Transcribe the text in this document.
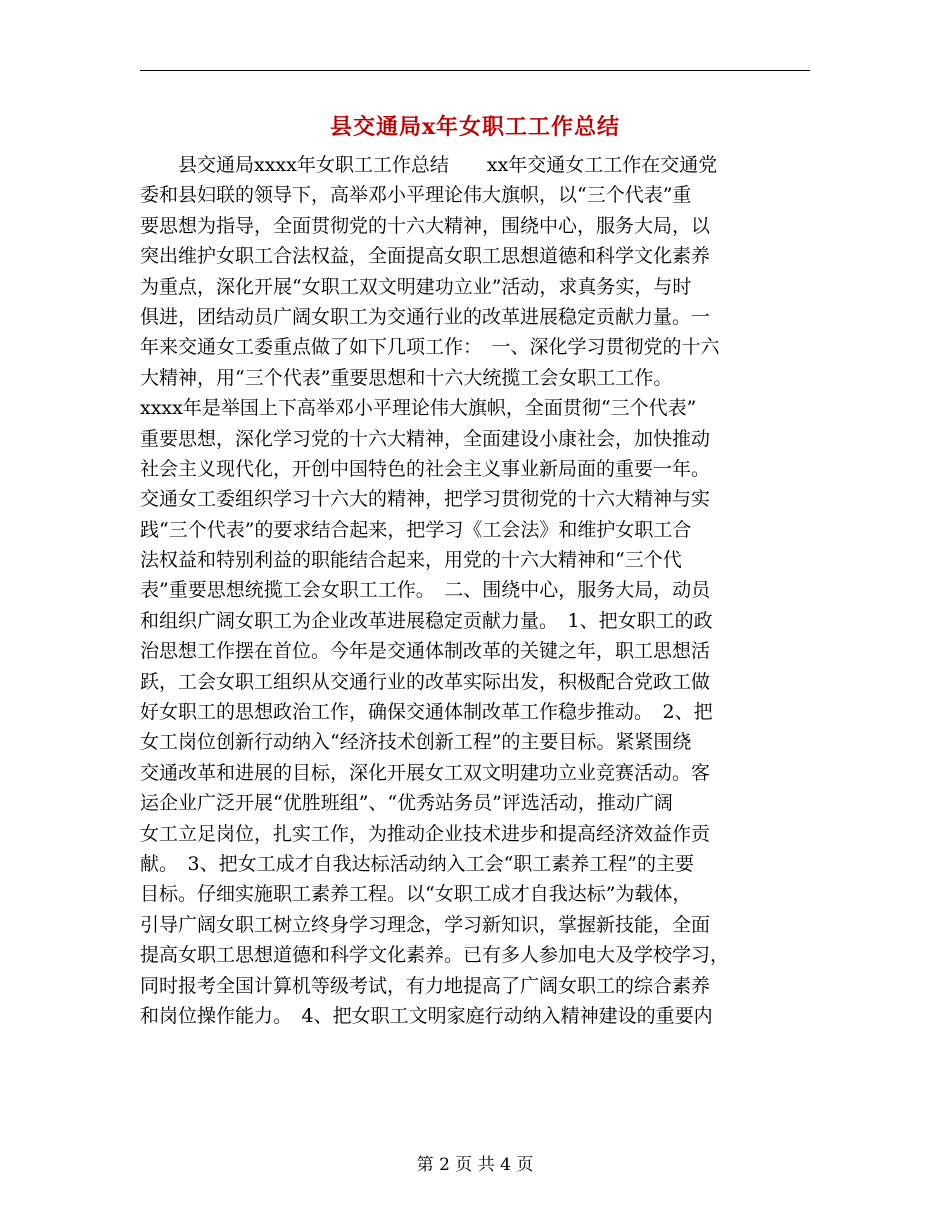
县交通局x年女职工工作总结
　　县交通局xxxx年女职工工作总结　　xx年交通女工工作在交通党
委和县妇联的领导下，高举邓小平理论伟大旗帜，以“三个代表”重
要思想为指导，全面贯彻党的十六大精神，围绕中心，服务大局，以
突出维护女职工合法权益，全面提高女职工思想道德和科学文化素养
为重点，深化开展“女职工双文明建功立业”活动，求真务实，与时
俱进，团结动员广阔女职工为交通行业的改革进展稳定贡献力量。一
年来交通女工委重点做了如下几项工作：　一、深化学习贯彻党的十六
大精神，用“三个代表”重要思想和十六大统揽工会女职工工作。
xxxx年是举国上下高举邓小平理论伟大旗帜，全面贯彻“三个代表”
重要思想，深化学习党的十六大精神，全面建设小康社会，加快推动
社会主义现代化，开创中国特色的社会主义事业新局面的重要一年。
交通女工委组织学习十六大的精神，把学习贯彻党的十六大精神与实
践“三个代表”的要求结合起来，把学习《工会法》和维护女职工合
法权益和特别利益的职能结合起来，用党的十六大精神和“三个代
表”重要思想统揽工会女职工工作。　二、围绕中心，服务大局，动员
和组织广阔女职工为企业改革进展稳定贡献力量。　1、把女职工的政
治思想工作摆在首位。今年是交通体制改革的关键之年，职工思想活
跃，工会女职工组织从交通行业的改革实际出发，积极配合党政工做
好女职工的思想政治工作，确保交通体制改革工作稳步推动。　2、把
女工岗位创新行动纳入“经济技术创新工程”的主要目标。紧紧围绕
交通改革和进展的目标，深化开展女工双文明建功立业竞赛活动。客
运企业广泛开展“优胜班组”、“优秀站务员”评选活动，推动广阔
女工立足岗位，扎实工作，为推动企业技术进步和提高经济效益作贡
献。　3、把女工成才自我达标活动纳入工会“职工素养工程”的主要
目标。仔细实施职工素养工程。以“女职工成才自我达标”为载体，
引导广阔女职工树立终身学习理念，学习新知识，掌握新技能，全面
提高女职工思想道德和科学文化素养。已有多人参加电大及学校学习，
同时报考全国计算机等级考试，有力地提高了广阔女职工的综合素养
和岗位操作能力。　4、把女职工文明家庭行动纳入精神建设的重要内
第 2 页 共 4 页
